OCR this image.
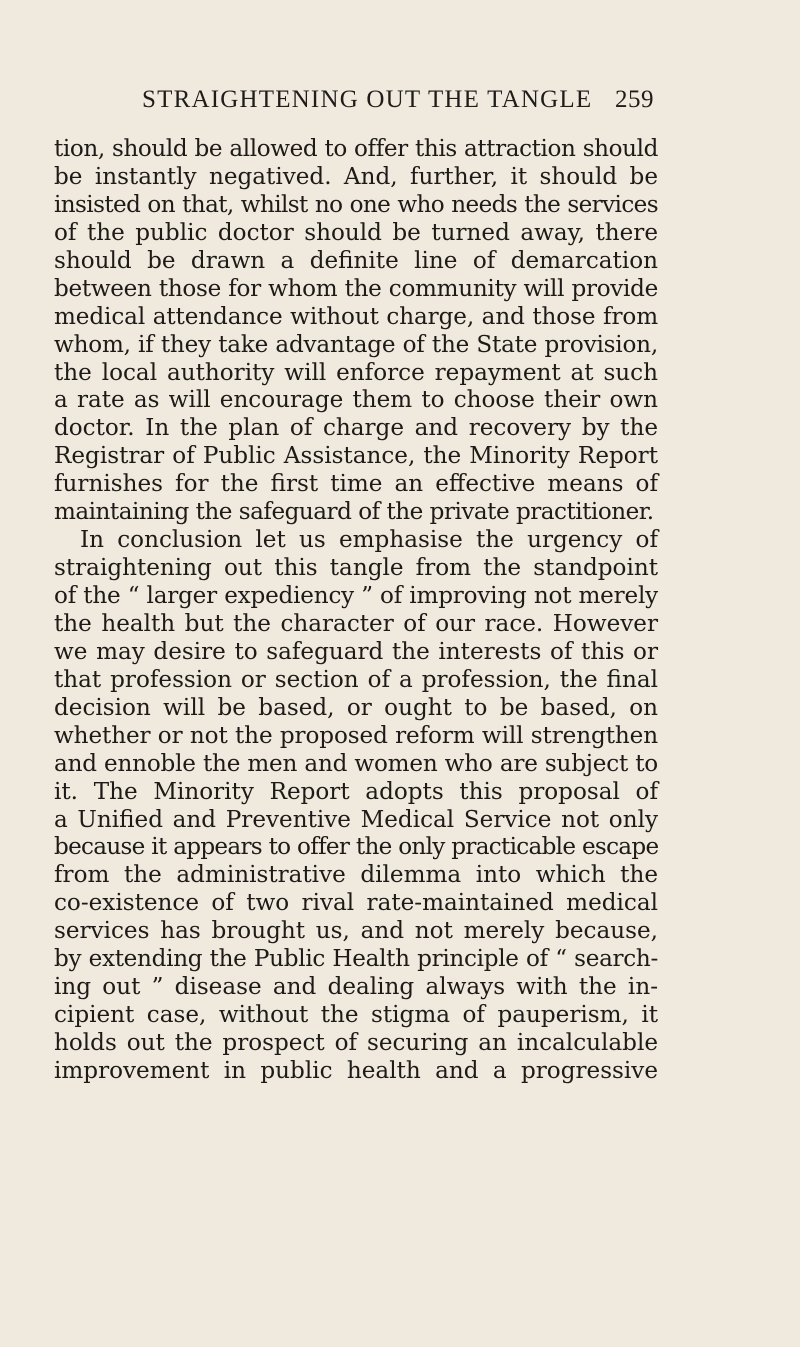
STRAIGHTENING OUT THE TANGLE 259
tion, should be allowed to offer this attraction should
be instantly negatived. And, further, it should be
insisted on that, whilst no one who needs the services
of the public doctor should be turned away, there
should be drawn a definite line of demarcation
between those for whom the community will provide
medical attendance without charge, and those from
whom, if they take advantage of the State provision,
the local authority will enforce repayment at such
a rate as will encourage them to choose their own
doctor. In the plan of charge and recovery by the
Registrar of Public Assistance, the Minority Report
furnishes for the first time an effective means of
maintaining the safeguard of the private practitioner.
In conclusion let us emphasise the urgency of
straightening out this tangle from the standpoint
of the “ larger expediency ” of improving not merely
the health but the character of our race. However
we may desire to safeguard the interests of this or
that profession or section of a profession, the final
decision will be based, or ought to be based, on
whether or not the proposed reform will strengthen
and ennoble the men and women who are subject to
it. The Minority Report adopts this proposal of
a Unified and Preventive Medical Service not only
because it appears to offer the only practicable escape
from the administrative dilemma into which the
co-existence of two rival rate-maintained medical
services has brought us, and not merely because,
by extending the Public Health principle of “ search-
ing out ” disease and dealing always with the in-
cipient case, without the stigma of pauperism, it
holds out the prospect of securing an incalculable
improvement in public health and a progressive
